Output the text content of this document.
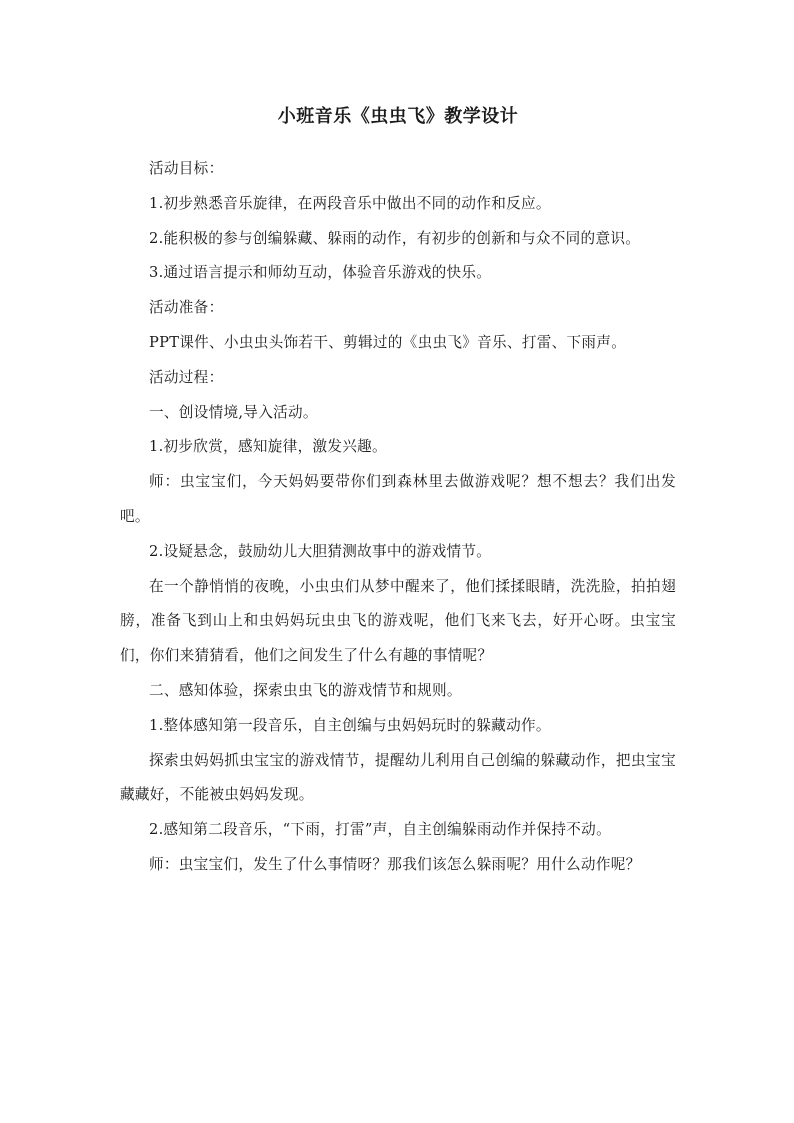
小班音乐《虫虫飞》教学设计

活动目标：

1.初步熟悉音乐旋律，在两段音乐中做出不同的动作和反应。

2.能积极的参与创编躲藏、躲雨的动作，有初步的创新和与众不同的意识。

3.通过语言提示和师幼互动，体验音乐游戏的快乐。

活动准备：

PPT课件、小虫虫头饰若干、剪辑过的《虫虫飞》音乐、打雷、下雨声。

活动过程：

一、创设情境,导入活动。

1.初步欣赏，感知旋律，激发兴趣。

师：虫宝宝们，今天妈妈要带你们到森林里去做游戏呢？想不想去？我们出发吧。

2.设疑悬念，鼓励幼儿大胆猜测故事中的游戏情节。

在一个静悄悄的夜晚，小虫虫们从梦中醒来了，他们揉揉眼睛，洗洗脸，拍拍翅膀，准备飞到山上和虫妈妈玩虫虫飞的游戏呢，他们飞来飞去，好开心呀。虫宝宝们，你们来猜猜看，他们之间发生了什么有趣的事情呢？

二、感知体验，探索虫虫飞的游戏情节和规则。

1.整体感知第一段音乐，自主创编与虫妈妈玩时的躲藏动作。

探索虫妈妈抓虫宝宝的游戏情节，提醒幼儿利用自己创编的躲藏动作，把虫宝宝藏藏好，不能被虫妈妈发现。

2.感知第二段音乐，“下雨，打雷”声，自主创编躲雨动作并保持不动。

师：虫宝宝们，发生了什么事情呀？那我们该怎么躲雨呢？用什么动作呢？
